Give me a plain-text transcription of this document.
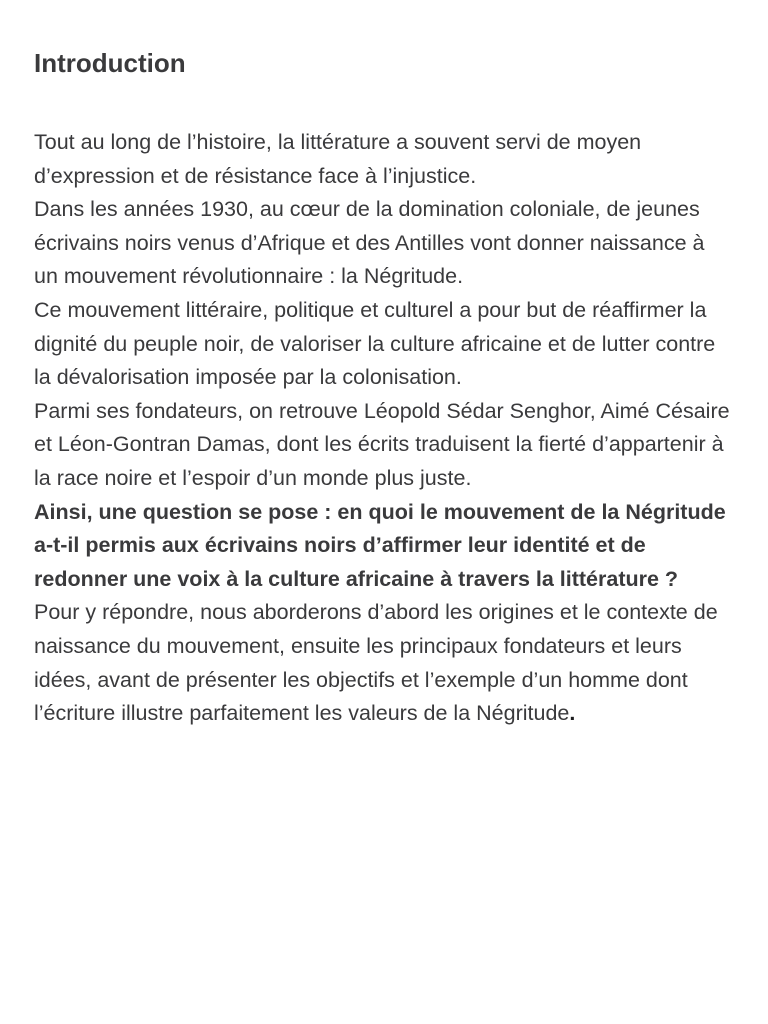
Introduction

Tout au long de l’histoire, la littérature a souvent servi de moyen d’expression et de résistance face à l’injustice.

Dans les années 1930, au cœur de la domination coloniale, de jeunes écrivains noirs venus d’Afrique et des Antilles vont donner naissance à un mouvement révolutionnaire : la Négritude.

Ce mouvement littéraire, politique et culturel a pour but de réaffirmer la dignité du peuple noir, de valoriser la culture africaine et de lutter contre la dévalorisation imposée par la colonisation.

Parmi ses fondateurs, on retrouve Léopold Sédar Senghor, Aimé Césaire et Léon-Gontran Damas, dont les écrits traduisent la fierté d’appartenir à la race noire et l’espoir d’un monde plus juste.

Ainsi, une question se pose : en quoi le mouvement de la Négritude a-t-il permis aux écrivains noirs d’affirmer leur identité et de redonner une voix à la culture africaine à travers la littérature ?

Pour y répondre, nous aborderons d’abord les origines et le contexte de naissance du mouvement, ensuite les principaux fondateurs et leurs idées, avant de présenter les objectifs et l’exemple d’un homme dont l’écriture illustre parfaitement les valeurs de la Négritude.
